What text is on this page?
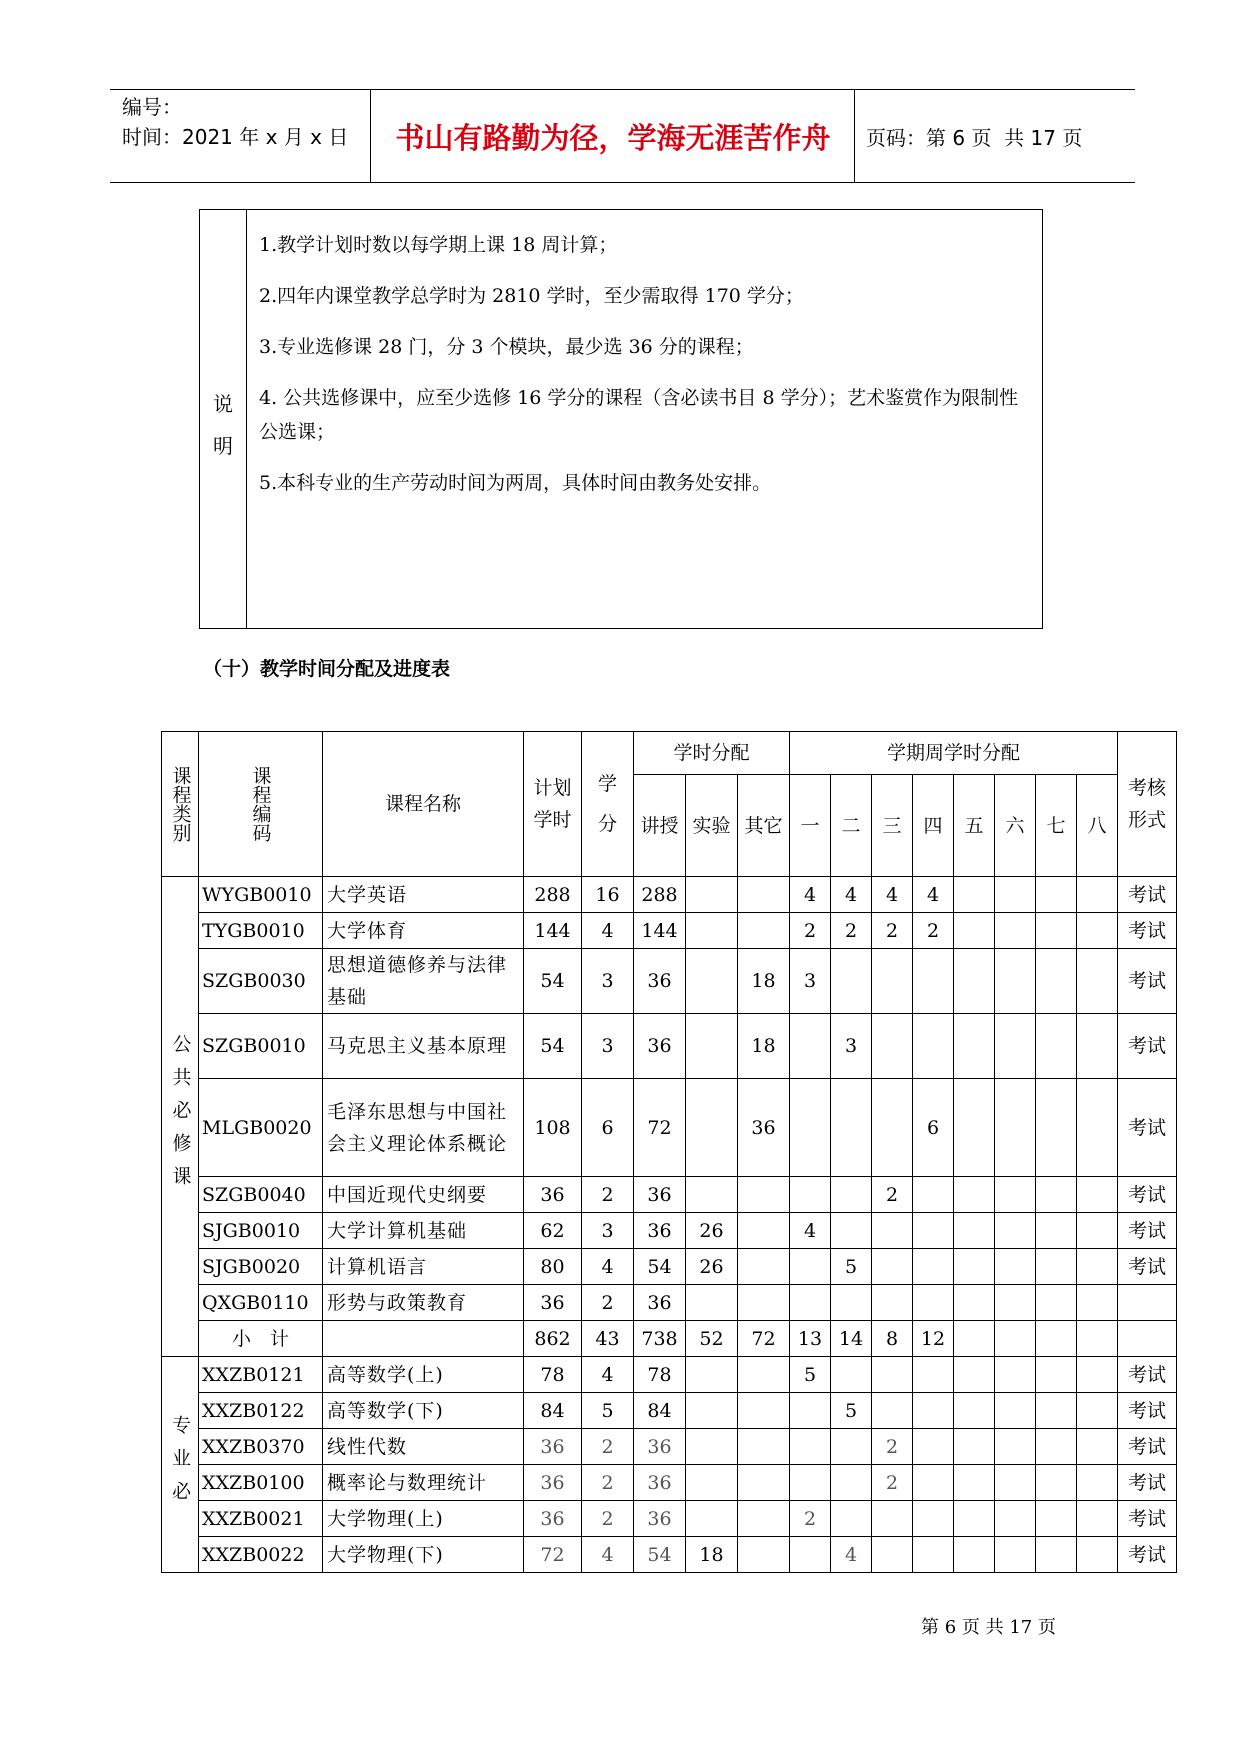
编号：
时间：2021 年 x 月 x 日	书山有路勤为径，学海无涯苦作舟	页码：第 6 页  共 17 页
说
明

1.教学计划时数以每学期上课 18 周计算；

2.四年内课堂教学总学时为 2810 学时，至少需取得 170 学分；

3.专业选修课 28 门，分 3 个模块，最少选 36 分的课程；

4. 公共选修课中，应至少选修 16 学分的课程（含必读书目 8 学分）；艺术鉴赏作为限制性公选课；

5.本科专业的生产劳动时间为两周，具体时间由教务处安排。

（十）教学时间分配及进度表
课程类别	课程编码	课程名称	计划学时	学分	学时分配			学期周学时分配								考核形式

					讲授	实验	其它	一	二	三	四	五	六	七	八	

公共必修课	WYGB0010	大学英语	288	16	288			4	4	4	4					考试
	TYGB0010	大学体育	144	4	144			2	2	2	2					考试
	SZGB0030	思想道德修养与法律基础	54	3	36		18	3								考试
	SZGB0010	马克思主义基本原理	54	3	36		18		3							考试
	MLGB0020	毛泽东思想与中国社会主义理论体系概论	108	6	72		36				6					考试
	SZGB0040	中国近现代史纲要	36	2	36					2						考试
	SJGB0010	大学计算机基础	62	3	36	26		4								考试
	SJGB0020	计算机语言	80	4	54	26			5							考试
	QXGB0110	形势与政策教育	36	2	36											
	小　计		862	43	738	52	72	13	14	8	12					

专业必	XXZB0121	高等数学(上)	78	4	78			5								考试
	XXZB0122	高等数学(下)	84	5	84				5							考试
	XXZB0370	线性代数	36	2	36					2						考试
	XXZB0100	概率论与数理统计	36	2	36					2						考试
	XXZB0021	大学物理(上)	36	2	36			2								考试
	XXZB0022	大学物理(下)	72	4	54	18			4							考试
第 6 页 共 17 页
